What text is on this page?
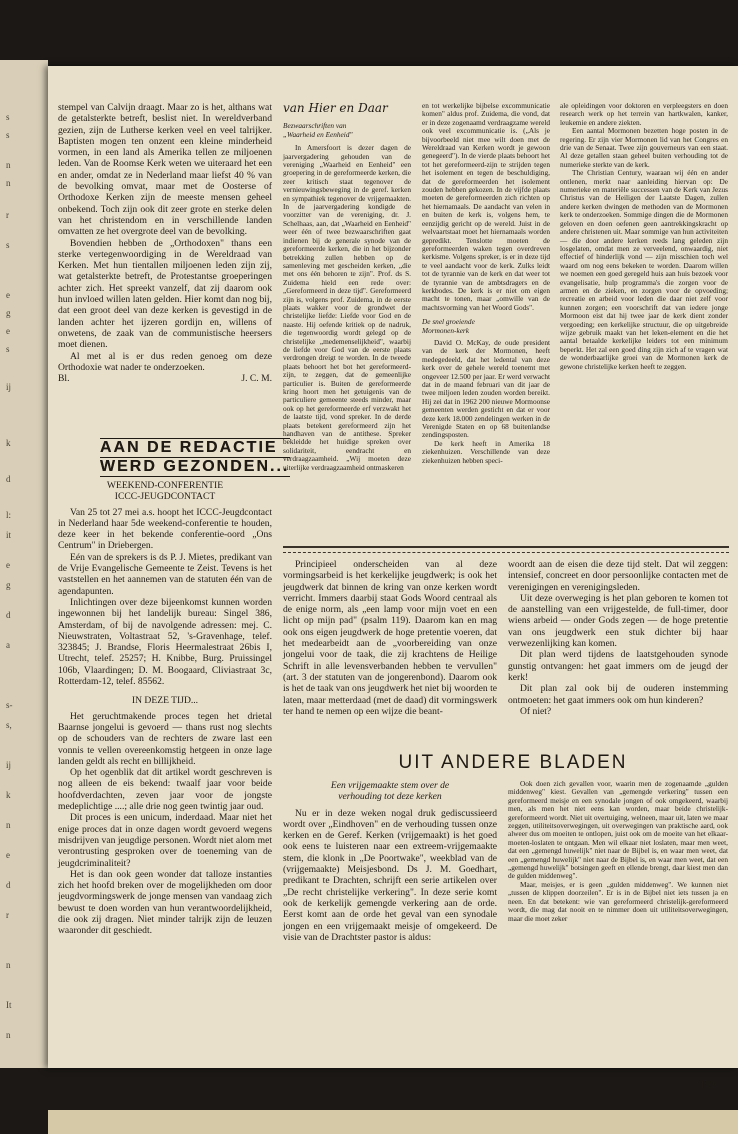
s
s
n
n
r
s
e
g
e
s
ij
k
d
l:
it
e
g
d
a
s-
s,
ij
k
n
e
d
r
n
It
n

stempel van Calvijn draagt. Maar zo is het, althans wat de getalsterkte betreft, beslist niet. In wereldverband gezien, zijn de Lutherse kerken veel en veel talrijker. Baptisten mogen ten onzent een kleine minderheid vormen, in een land als Amerika tellen ze miljoenen leden. Van de Roomse Kerk weten we uiteraard het een en ander, omdat ze in Nederland maar liefst 40 % van de bevolking omvat, maar met de Oosterse of Orthodoxe Kerken zijn de meeste mensen geheel onbekend. Toch zijn ook dit zeer grote en sterke delen van het christendom en in verschillende landen omvatten ze het overgrote deel van de bevolking.

Bovendien hebben de „Orthodoxen" thans een sterke vertegenwoordiging in de Wereldraad van Kerken. Met hun tientallen miljoenen leden zijn zij, wat getalsterkte betreft, de Protestantse groeperingen achter zich. Het spreekt vanzelf, dat zij daarom ook hun invloed willen laten gelden. Hier komt dan nog bij, dat een groot deel van deze kerken is gevestigd in de landen achter het ijzeren gordijn en, willens of onwetens, de zaak van de communistische heersers moet dienen.

Al met al is er dus reden genoeg om deze Orthodoxie wat nader te onderzoeken.

Bl.	J. C. M.
AAN DE REDACTIE
WERD GEZONDEN...

WEEKEND-CONFERENTIE

ICCC-JEUGDCONTACT

Van 25 tot 27 mei a.s. hoopt het ICCC-Jeugdcontact in Nederland haar 5de weekend-conferentie te houden, deze keer in het bekende conferentie-oord „Ons Centrum" in Driebergen.

Eén van de sprekers is ds P. J. Mietes, predikant van de Vrije Evangelische Gemeente te Zeist. Tevens is het vaststellen en het aannemen van de statuten één van de agendapunten.

Inlichtingen over deze bijeenkomst kunnen worden ingewonnen bij het landelijk bureau: Singel 386, Amsterdam, of bij de navolgende adressen: mej. C. Nieuwstraten, Voltastraat 52, 's-Gravenhage, telef. 323845; J. Brandse, Floris Heermalestraat 26bis I, Utrecht, telef. 25257; H. Knibbe, Burg. Pruissingel 106b, Vlaardingen; D. M. Boogaard, Cliviastraat 3c, Rotterdam-12, telef. 85562.

IN DEZE TIJD...

Het geruchtmakende proces tegen het drietal Baarnse jongelui is gevoerd — thans rust nog slechts op de schouders van de rechters de zware last een vonnis te vellen overeenkomstig hetgeen in onze lage landen geldt als recht en billijkheid.

Op het ogenblik dat dit artikel wordt geschreven is nog alleen de eis bekend: twaalf jaar voor beide hoofdverdachten, zeven jaar voor de jongste medeplichtige ....; alle drie nog geen twintig jaar oud.

Dit proces is een unicum, inderdaad. Maar niet het enige proces dat in onze dagen wordt gevoerd wegens misdrijven van jeugdige personen. Wordt niet alom met verontrusting gesproken over de toeneming van de jeugdcriminaliteit?

Het is dan ook geen wonder dat talloze instanties zich het hoofd breken over de mogelijkheden om door jeugdvormingswerk de jonge mensen van vandaag zich bewust te doen worden van hun verantwoordelijkheid, die ook zij dragen. Niet minder talrijk zijn de leuzen waaronder dit geschiedt.

van Hier en Daar

Bezwaarschriften van

„Waarheid en Eenheid"

In Amersfoort is dezer dagen de jaarvergadering gehouden van de vereniging „Waarheid en Eenheid" een groepering in de gereformeerde kerken, die zeer kritisch staat tegenover de vernieuwingsbeweging in de geref. kerken en sympathiek tegenover de vrijgemaakten. In de jaarvergadering kondigde de voorzitter van de vereniging, dr. J. Schelhaas, aan, dat „Waarheid en Eenheid" weer één of twee bezwaarschriften gaat indienen bij de generale synode van de gereformeerde kerken, die in het bijzonder betrekking zullen hebben op de samenleving met gescheiden kerken, „die met ons één behoren te zijn". Prof. ds S. Zuidema hield een rede over: „Gereformeerd in deze tijd". Gereformeerd zijn is, volgens prof. Zuidema, in de eerste plaats wakker voor de grondwet der christelijke liefde: Liefde voor God en de naaste. Hij oefende kritiek op de nadruk, die tegenwoordig wordt gelegd op de christelijke „medemenselijkheid", waarbij de liefde voor God van de eerste plaats verdrongen dreigt te worden. In de tweede plaats behoort het bot het gereformeerd-zijn, te zeggen, dat de gemeenlijke particulier is. Buiten de gereformeerde kring hoort men het getuigenis van de particuliere gemeente steeds minder, maar ook op het gereformeerde erf verzwakt het de laatste tijd, vond spreker. In de derde plaats betekent gereformeerd zijn het handhaven van de antithese. Spreker bekleidde het huidige spreken over solidariteit, eendracht en verdraagzaamheid. „Wij moeten deze uiterlijke verdraagzaamheid ontmaskeren

en tot werkelijke bijbelse excommunicatie komen" aldus prof. Zuidema, die vond, dat er in deze zogenaamd verdraagzame wereld ook veel excommunicatie is. („Als je bijvoorbeeld niet mee wilt doen met de Wereldraad van Kerken wordt je gewoon genegeerd"). In de vierde plaats behoort het tot het gereformeerd-zijn te strijden tegen het isolement en tegen de beschuldiging, dat de gereformeerden het isolement zouden hebben gekozen. In de vijfde plaats moeten de gereformeerden zich richten op het hiernamaals. De aandacht van velen in en buiten de kerk is, volgens hem, te eenzijdig gericht op de wereld. Juist in de welvaartstaat moet het hiernamaals worden gepredikt. Tenslotte moeten de gereformeerden waken tegen overdreven kerkisme. Volgens spreker, is er in deze tijd te veel aandacht voor de kerk. Zulks leidt tot de tyrannie van de kerk en dat weer tot de tyrannie van de ambtsdragers en de kerkbodes. De kerk is er niet om eigen macht te tonen, maar „omwille van de machtsvorming van het Woord Gods".

De snel groeiende

Mormonen-kerk

David O. McKay, de oude president van de kerk der Mormonen, heeft medegedeeld, dat het ledental van deze kerk over de gehele wereld toenemt met ongeveer 12.500 per jaar. Er werd verwacht dat in de maand februari van dit jaar de twee miljoen leden zouden worden bereikt. Hij zei dat in 1962 200 nieuwe Mormoonse gemeenten werden gesticht en dat er voor deze kerk 18.000 zendelingen werken in de Verenigde Staten en op 68 buitenlandse zendingsposten.

De kerk heeft in Amerika 18 ziekenhuizen. Verschillende van deze ziekenhuizen hebben speci-

ale opleidingen voor doktoren en verpleegsters en doen research werk op het terrein van hartkwalen, kanker, leukemie en andere ziekten.

Een aantal Mormonen bezetten hoge posten in de regering. Er zijn vier Mormonen lid van het Congres en drie van de Senaat. Twee zijn gouverneurs van een staat. Al deze getallen staan geheel buiten verhouding tot de numerieke sterkte van de kerk.

The Christian Century, waaraan wij één en ander ontlenen, merkt naar aanleiding hiervan op: De numerieke en materiële successen van de Kerk van Jezus Christus van de Heiligen der Laatste Dagen, zullen andere kerken dwingen de methoden van de Mormonen kerk te onderzoeken. Sommige dingen die de Mormonen geloven en doen oefenen geen aantrekkingskracht op andere christenen uit. Maar sommige van hun activiteiten — die door andere kerken reeds lang geleden zijn losgelaten, omdat men ze verveelend, onwaardig, niet effectief of hinderlijk vond — zijn misschien toch wel waard om nog eens bekeken te worden. Daarom willen we noemen een goed geregeld huis aan huis bezoek voor evangelisatie, hulp programma's die zorgen voor de armen en de zieken, en zorgen voor de opvoeding; recreatie en arbeid voor leden die daar niet zelf voor kunnen zorgen; een voorschrift dat van iedere jonge Mormoon eist dat hij twee jaar de kerk dient zonder vergoeding; een kerkelijke structuur, die op uitgebreide wijze gebruik maakt van het leken-element en die het aantal betaalde kerkelijke leiders tot een minimum beperkt. Het zal een goed ding zijn zich af te vragen wat de wonderbaarlijke groei van de Mormonen kerk de gewone christelijke kerken heeft te zeggen.

Principieel onderscheiden van al deze vormingsarbeid is het kerkelijke jeugdwerk; is ook het jeugdwerk dat binnen de kring van onze kerken wordt verricht. Immers daarbij staat Gods Woord centraal als de enige norm, als „een lamp voor mijn voet en een licht op mijn pad" (psalm 119). Daarom kan en mag ook ons eigen jeugdwerk de hoge pretentie voeren, dat het medearbeidt aan de „voorbereiding van onze jongelui voor de taak, die zij krachtens de Heilige Schrift in alle levensverbanden hebben te vervullen" (art. 3 der statuten van de jongerenbond). Daarom ook is het de taak van ons jeugdwerk het niet bij woorden te laten, maar metterdaad (met de daad) dit vormingswerk ter hand te nemen op een wijze die beant-

woordt aan de eisen die deze tijd stelt. Dat wil zeggen: intensief, concreet en door persoonlijke contacten met de verenigingen en verenigingsleden.

Uit deze overweging is het plan geboren te komen tot de aanstelling van een vrijgestelde, de full-timer, door wiens arbeid — onder Gods zegen — de hoge pretentie van ons jeugdwerk een stuk dichter bij haar verwezenlijking kan komen.

Dit plan werd tijdens de laatstgehouden synode gunstig ontvangen: het gaat immers om de jeugd der kerk!

Dit plan zal ook bij de ouderen instemming ontmoeten: het gaat immers ook om hun kinderen?

Of niet?

UIT ANDERE BLADEN

Een vrijgemaakte stem over de

verhouding tot deze kerken

Nu er in deze weken nogal druk gediscussieerd wordt over „Eindhoven" en de verhouding tussen onze kerken en de Geref. Kerken (vrijgemaakt) is het goed ook eens te luisteren naar een extreem-vrijgemaakte stem, die klonk in „De Poortwake", weekblad van de (vrijgemaakte) Meisjesbond. Ds J. M. Goedhart, predikant te Drachten, schrijft een serie artikelen over „De recht christelijke verkering". In deze serie komt ook de kerkelijk gemengde verkering aan de orde. Eerst komt aan de orde het geval van een synodale jongen en een vrijgemaakt meisje of omgekeerd. De visie van de Drachtster pastor is aldus:

Ook doen zich gevallen voor, waarin men de zogenaamde „gulden middenweg" kiest. Gevallen van „gemengde verkering" tussen een gereformeerd meisje en een synodale jongen of ook omgekeerd, waarbij men, als men het niet eens kan worden, maar beide christelijk-gereformeerd wordt. Niet uit overtuiging, welneen, maar uit, laten we maar zeggen, utiliteitsoverwegingen, uit overwegingen van praktische aard, ook alweer dus om moeiten te ontlopen, juist ook om de moeite van het elkaar-moeten-loslaten te ontgaan. Men wil elkaar niet loslaten, maar men weet, dat een „gemengd huwelijk" niet naar de Bijbel is, en waar men weet, dat een „gemengd huwelijk" niet naar de Bijbel is, en waar men weet, dat een „gemengd huwelijk" botsingen geeft en ellende brengt, daar kiest men dan de gulden middenweg".

Maar, meisjes, er is geen „gulden middenweg". We kunnen niet „tussen de klippen doorzeilen". Er is in de Bijbel niet iets tussen ja en neen. En dat betekent: wie van gereformeerd christelijk-gereformeerd wordt, die mag dat nooit en te nimmer doen uit utiliteitsoverwegingen, maar die moet zeker

193
